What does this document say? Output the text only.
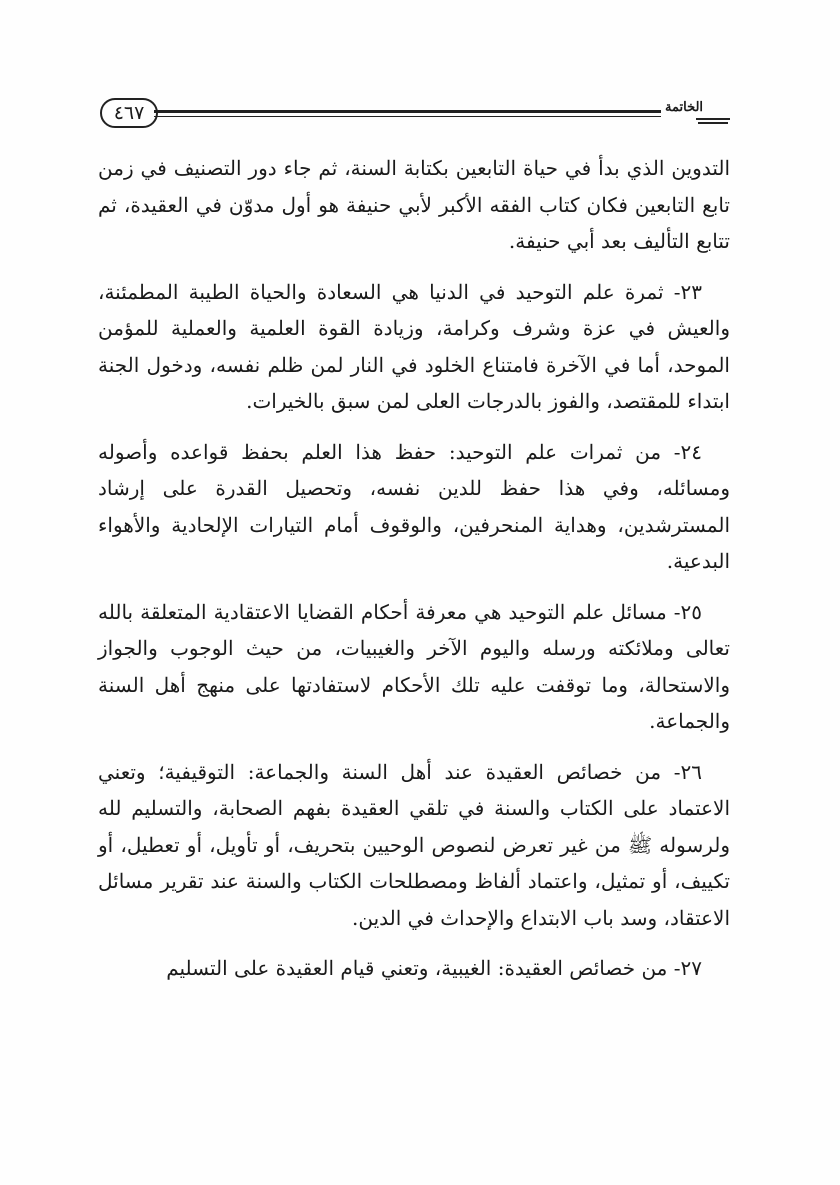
٤٦٧	الخاتمة

التدوين الذي بدأ في حياة التابعين بكتابة السنة، ثم جاء دور التصنيف في زمن تابع التابعين فكان كتاب الفقه الأكبر لأبي حنيفة هو أول مدوّن في العقيدة، ثم تتابع التأليف بعد أبي حنيفة.

٢٣- ثمرة علم التوحيد في الدنيا هي السعادة والحياة الطيبة المطمئنة، والعيش في عزة وشرف وكرامة، وزيادة القوة العلمية والعملية للمؤمن الموحد، أما في الآخرة فامتناع الخلود في النار لمن ظلم نفسه، ودخول الجنة ابتداء للمقتصد، والفوز بالدرجات العلى لمن سبق بالخيرات.

٢٤- من ثمرات علم التوحيد: حفظ هذا العلم بحفظ قواعده وأصوله ومسائله، وفي هذا حفظ للدين نفسه، وتحصيل القدرة على إرشاد المسترشدين، وهداية المنحرفين، والوقوف أمام التيارات الإلحادية والأهواء البدعية.

٢٥- مسائل علم التوحيد هي معرفة أحكام القضايا الاعتقادية المتعلقة بالله تعالى وملائكته ورسله واليوم الآخر والغيبيات، من حيث الوجوب والجواز والاستحالة، وما توقفت عليه تلك الأحكام لاستفادتها على منهج أهل السنة والجماعة.

٢٦- من خصائص العقيدة عند أهل السنة والجماعة: التوقيفية؛ وتعني الاعتماد على الكتاب والسنة في تلقي العقيدة بفهم الصحابة، والتسليم لله ولرسوله ﷺ من غير تعرض لنصوص الوحيين بتحريف، أو تأويل، أو تعطيل، أو تكييف، أو تمثيل، واعتماد ألفاظ ومصطلحات الكتاب والسنة عند تقرير مسائل الاعتقاد، وسد باب الابتداع والإحداث في الدين.

٢٧- من خصائص العقيدة: الغيبية، وتعني قيام العقيدة على التسليم
